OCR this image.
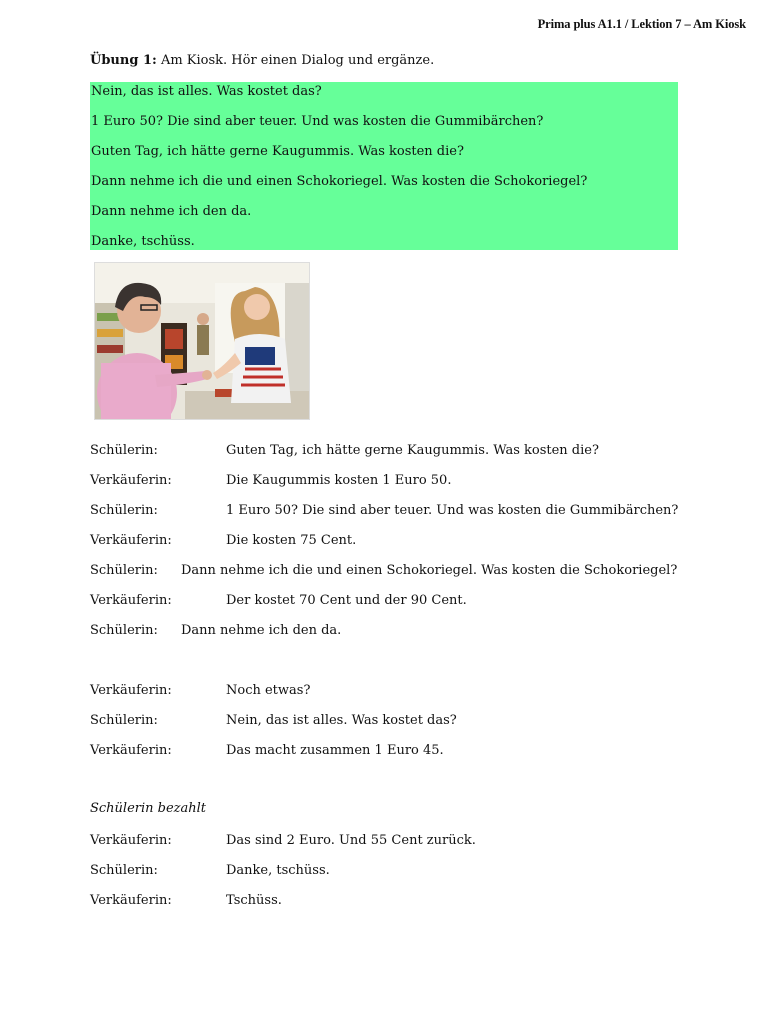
Prima plus A1.1 / Lektion 7 – Am Kiosk
Übung 1: Am Kiosk. Hör einen Dialog und ergänze.
Nein, das ist alles. Was kostet das?
1 Euro 50? Die sind aber teuer. Und was kosten die Gummibärchen?
Guten Tag, ich hätte gerne Kaugummis. Was kosten die?
Dann nehme ich die und einen Schokoriegel. Was kosten die Schokoriegel?
Dann nehme ich den da.
Danke, tschüss.
Schülerin:	Guten Tag, ich hätte gerne Kaugummis. Was kosten die?
Verkäuferin:	Die Kaugummis kosten 1 Euro 50.
Schülerin:	1 Euro 50? Die sind aber teuer. Und was kosten die Gummibärchen?
Verkäuferin:	Die kosten 75 Cent.
Schülerin: Dann nehme ich die und einen Schokoriegel. Was kosten die Schokoriegel?
Verkäuferin:	Der kostet 70 Cent und der 90 Cent.
Schülerin: Dann nehme ich den da.
Verkäuferin:	Noch etwas?
Schülerin:	Nein, das ist alles. Was kostet das?
Verkäuferin:	Das macht zusammen 1 Euro 45.
Schülerin bezahlt
Verkäuferin:	Das sind 2 Euro. Und 55 Cent zurück.
Schülerin:	Danke, tschüss.
Verkäuferin:	Tschüss.
